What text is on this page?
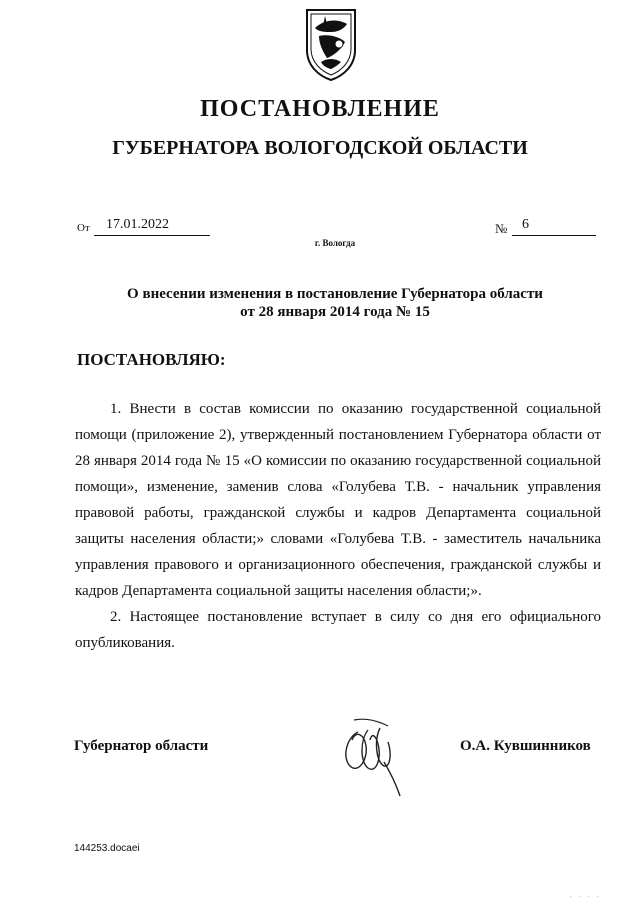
ПОСТАНОВЛЕНИЕ
ГУБЕРНАТОРА ВОЛОГОДСКОЙ ОБЛАСТИ
От	17.01.2022	№	6
г. Вологда
О внесении изменения в постановление Губернатора области
от 28 января 2014 года № 15
ПОСТАНОВЛЯЮ:

1. Внести в состав комиссии по оказанию государственной социальной помощи (приложение 2), утвержденный постановлением Губернатора области от 28 января 2014 года № 15 «О комиссии по оказанию государственной социальной помощи», изменение, заменив слова «Голубева Т.В. - начальник управления правовой работы, гражданской службы и кадров Департамента социальной защиты населения области;» словами «Голубева Т.В. - заместитель начальника управления правового и организационного обеспечения, гражданской службы и кадров Департамента социальной защиты населения области;».

2. Настоящее постановление вступает в силу со дня его официального опубликования.

Губернатор области	О.А. Кувшинников
144253.docaei
. . . .
